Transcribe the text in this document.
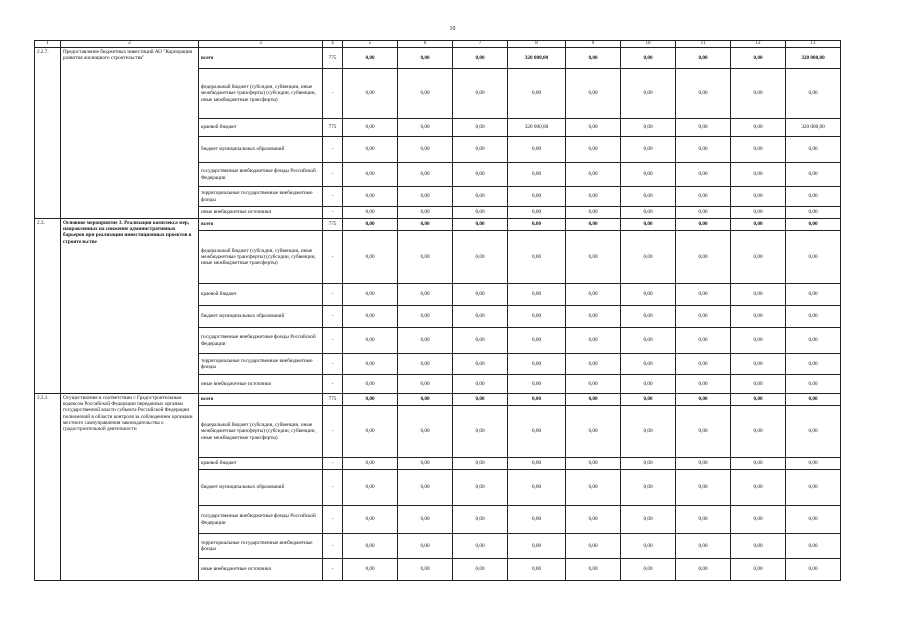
10
1	2	3	4	5	6	7	8	9	10	11	12	13
2.2.7.	Предоставление бюджетных инвестиций АО "Корпорация развития жилищного строительства"	всего	775	0,00	0,00	0,00	320 000,00	0,00	0,00	0,00	0,00	320 000,00
		федеральный бюджет (субсидии, субвенции, иные межбюджетные трансферты) (субсидии, субвенции, иные межбюджетные трансферты)	-	0,00	0,00	0,00	0,00	0,00	0,00	0,00	0,00	0,00
		краевой бюджет	775	0,00	0,00	0,00	320 000,00	0,00	0,00	0,00	0,00	320 000,00
		бюджет муниципальных образований	-	0,00	0,00	0,00	0,00	0,00	0,00	0,00	0,00	0,00
		государственные внебюджетные фонды Российской Федерации	-	0,00	0,00	0,00	0,00	0,00	0,00	0,00	0,00	0,00
		территориальные государственные внебюджетные фонды	-	0,00	0,00	0,00	0,00	0,00	0,00	0,00	0,00	0,00
		иные внебюджетные источники	-	0,00	0,00	0,00	0,00	0,00	0,00	0,00	0,00	0,00
2.3.	Основное мероприятие 3. Реализация комплекса мер, направленных на снижение административных барьеров при реализации инвестиционных проектов в строительстве	всего	775	0,00	0,00	0,00	0,00	0,00	0,00	0,00	0,00	0,00
		федеральный бюджет (субсидии, субвенции, иные межбюджетные трансферты) (субсидии, субвенции, иные межбюджетные трансферты)	-	0,00	0,00	0,00	0,00	0,00	0,00	0,00	0,00	0,00
		краевой бюджет	-	0,00	0,00	0,00	0,00	0,00	0,00	0,00	0,00	0,00
		бюджет муниципальных образований	-	0,00	0,00	0,00	0,00	0,00	0,00	0,00	0,00	0,00
		государственные внебюджетные фонды Российской Федерации	-	0,00	0,00	0,00	0,00	0,00	0,00	0,00	0,00	0,00
		территориальные государственные внебюджетные фонды	-	0,00	0,00	0,00	0,00	0,00	0,00	0,00	0,00	0,00
		иные внебюджетные источники	-	0,00	0,00	0,00	0,00	0,00	0,00	0,00	0,00	0,00
2.3.1.	Осуществление в соответствии с Градостроительным кодексом Российской Федерации переданных органам государственной власти субъекта Российской Федерации полномочий в области контроля за соблюдением органами местного самоуправления законодательства о градостроительной деятельности	всего	775	0,00	0,00	0,00	0,00	0,00	0,00	0,00	0,00	0,00
		федеральный бюджет (субсидии, субвенции, иные межбюджетные трансферты) (субсидии, субвенции, иные межбюджетные трансферты)	-	0,00	0,00	0,00	0,00	0,00	0,00	0,00	0,00	0,00
		краевой бюджет	-	0,00	0,00	0,00	0,00	0,00	0,00	0,00	0,00	0,00
		бюджет муниципальных образований	-	0,00	0,00	0,00	0,00	0,00	0,00	0,00	0,00	0,00
		государственные внебюджетные фонды Российской Федерации	-	0,00	0,00	0,00	0,00	0,00	0,00	0,00	0,00	0,00
		территориальные государственные внебюджетные фонды	-	0,00	0,00	0,00	0,00	0,00	0,00	0,00	0,00	0,00
		иные внебюджетные источники	-	0,00	0,00	0,00	0,00	0,00	0,00	0,00	0,00	0,00
